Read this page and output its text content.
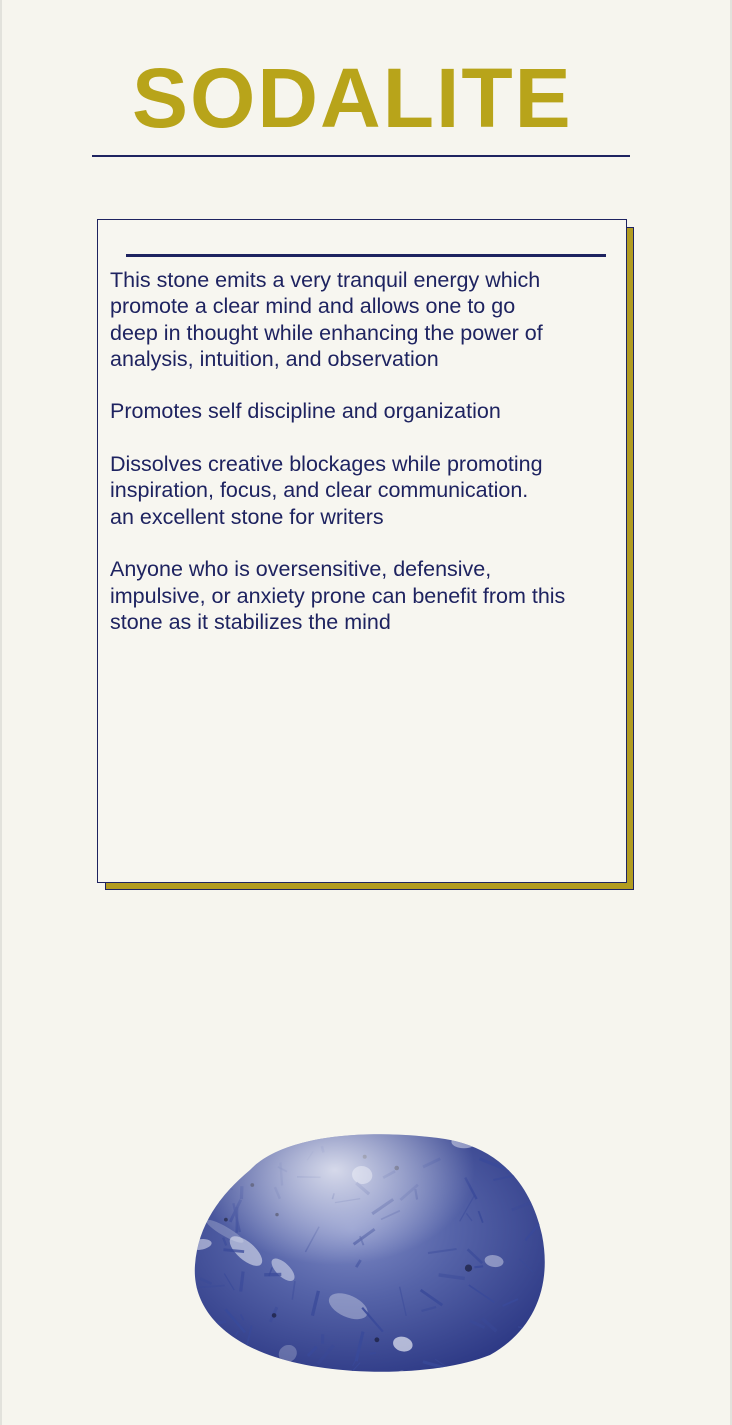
SODALITE

This stone emits a very tranquil energy which
promote a clear mind and allows one to go
deep in thought while enhancing the power of
analysis, intuition, and observation

Promotes self discipline and organization

Dissolves creative blockages while promoting
inspiration, focus, and clear communication.
an excellent stone for writers

Anyone who is oversensitive, defensive,
impulsive, or anxiety prone can benefit from this
stone as it stabilizes the mind
